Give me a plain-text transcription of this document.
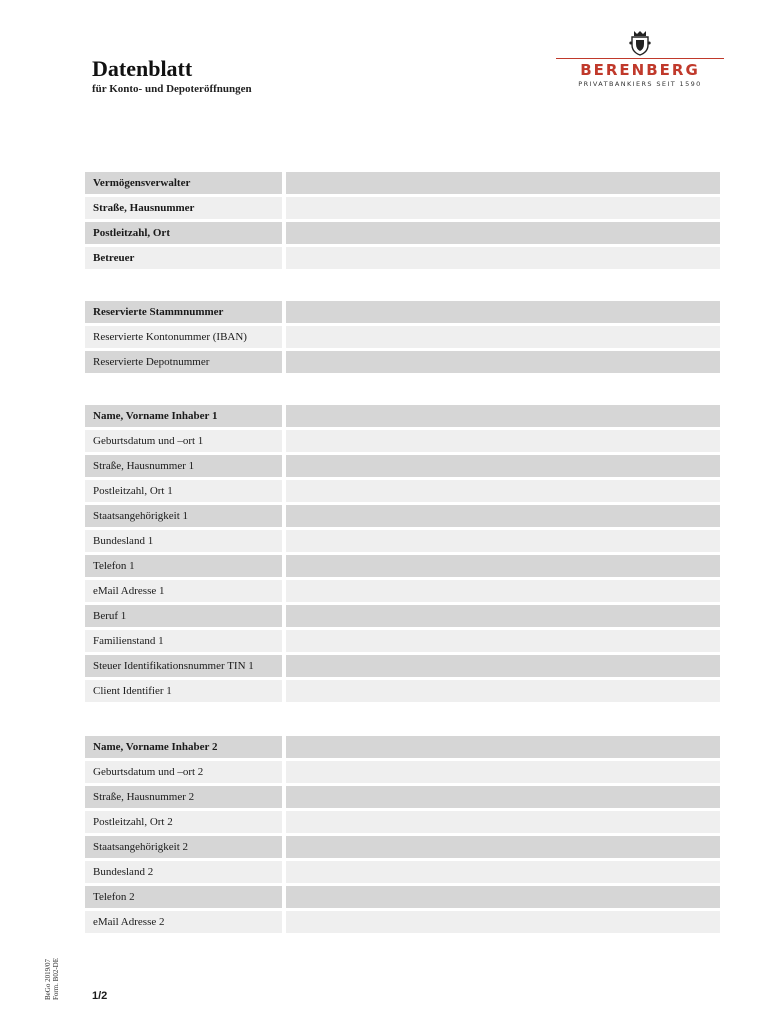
Datenblatt
für Konto- und Depoteröffnungen
BERENBERG
PRIVATBANKIERS SEIT 1590
Vermögensverwalter
Straße, Hausnummer
Postleitzahl, Ort
Betreuer
Reservierte Stammnummer
Reservierte Kontonummer (IBAN)
Reservierte Depotnummer
Name, Vorname Inhaber 1
Geburtsdatum und –ort 1
Straße, Hausnummer 1
Postleitzahl, Ort 1
Staatsangehörigkeit 1
Bundesland 1
Telefon 1
eMail Adresse 1
Beruf 1
Familienstand 1
Steuer Identifikationsnummer TIN 1
Client Identifier 1
Name, Vorname Inhaber 2
Geburtsdatum und –ort 2
Straße, Hausnummer 2
Postleitzahl, Ort 2
Staatsangehörigkeit 2
Bundesland 2
Telefon 2
eMail Adresse 2
BeGo 2019/07 Form. B02-DE	1/2
